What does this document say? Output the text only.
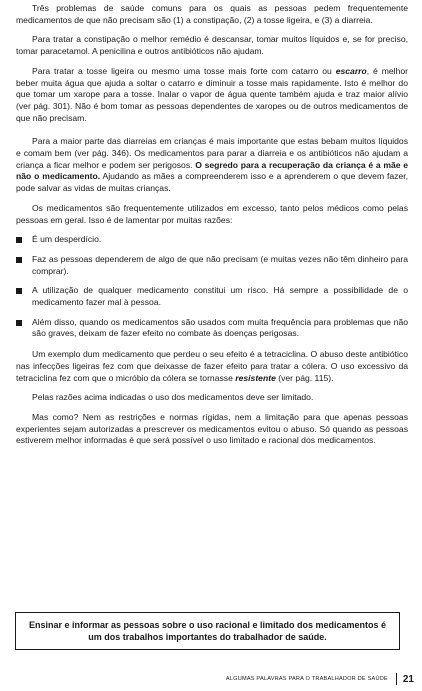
Três problemas de saúde comuns para os quais as pessoas pedem frequentemente medicamentos de que não precisam são (1) a constipação, (2) a tosse ligeira, e (3) a diarreia.

Para tratar a constipação o melhor remédio é descansar, tomar muitos líquidos e, se for preciso, tomar paracetamol. A penicilina e outros antibióticos não ajudam.

Para tratar a tosse ligeira ou mesmo uma tosse mais forte com catarro ou escarro, é melhor beber muita água que ajuda a soltar o catarro e diminuir a tosse mais rapidamente. Isto é melhor do que tomar um xarope para a tosse. Inalar o vapor de água quente também ajuda e traz maior alívio (ver pág. 301). Não é bom tomar as pessoas dependentes de xaropes ou de outros medicamentos de que não precisam.

Para a maior parte das diarreias em crianças é mais importante que estas bebam muitos líquidos e comam bem (ver pág. 346). Os medicamentos para parar a diarreia e os antibióticos não ajudam a criança a ficar melhor e podem ser perigosos. O segredo para a recuperação da criança é a mãe e não o medicamento. Ajudando as mães a compreenderem isso e a aprenderem o que devem fazer, pode salvar as vidas de muitas crianças.

Os medicamentos são frequentemente utilizados em excesso, tanto pelos médicos como pelas pessoas em geral. Isso é de lamentar por muitas razões:

É um desperdício.
Faz as pessoas dependerem de algo de que não precisam (e muitas vezes não têm dinheiro para comprar).
A utilização de qualquer medicamento constitui um risco. Há sempre a possibilidade de o medicamento fazer mal à pessoa.
Além disso, quando os medicamentos são usados com muita frequência para problemas que não são graves, deixam de fazer efeito no combate às doenças perigosas.

Um exemplo dum medicamento que perdeu o seu efeito é a tetraciclina. O abuso deste antibiótico nas infecções ligeiras fez com que deixasse de fazer efeito para tratar a cólera. O uso excessivo da tetraciclina fez com que o micróbio da cólera se tornasse resistente (ver pág. 115).

Pelas razões acima indicadas o uso dos medicamentos deve ser limitado.

Mas como? Nem as restrições e normas rígidas, nem a limitação para que apenas pessoas experientes sejam autorizadas a prescrever os medicamentos evitou o abuso. Só quando as pessoas estiverem melhor informadas é que será possível o uso limitado e racional dos medicamentos.

Ensinar e informar as pessoas sobre o uso racional e limitado dos medicamentos é um dos trabalhos importantes do trabalhador de saúde.
ALGUMAS PALAVRAS PARA O TRABALHADOR DE SAÚDE 21
